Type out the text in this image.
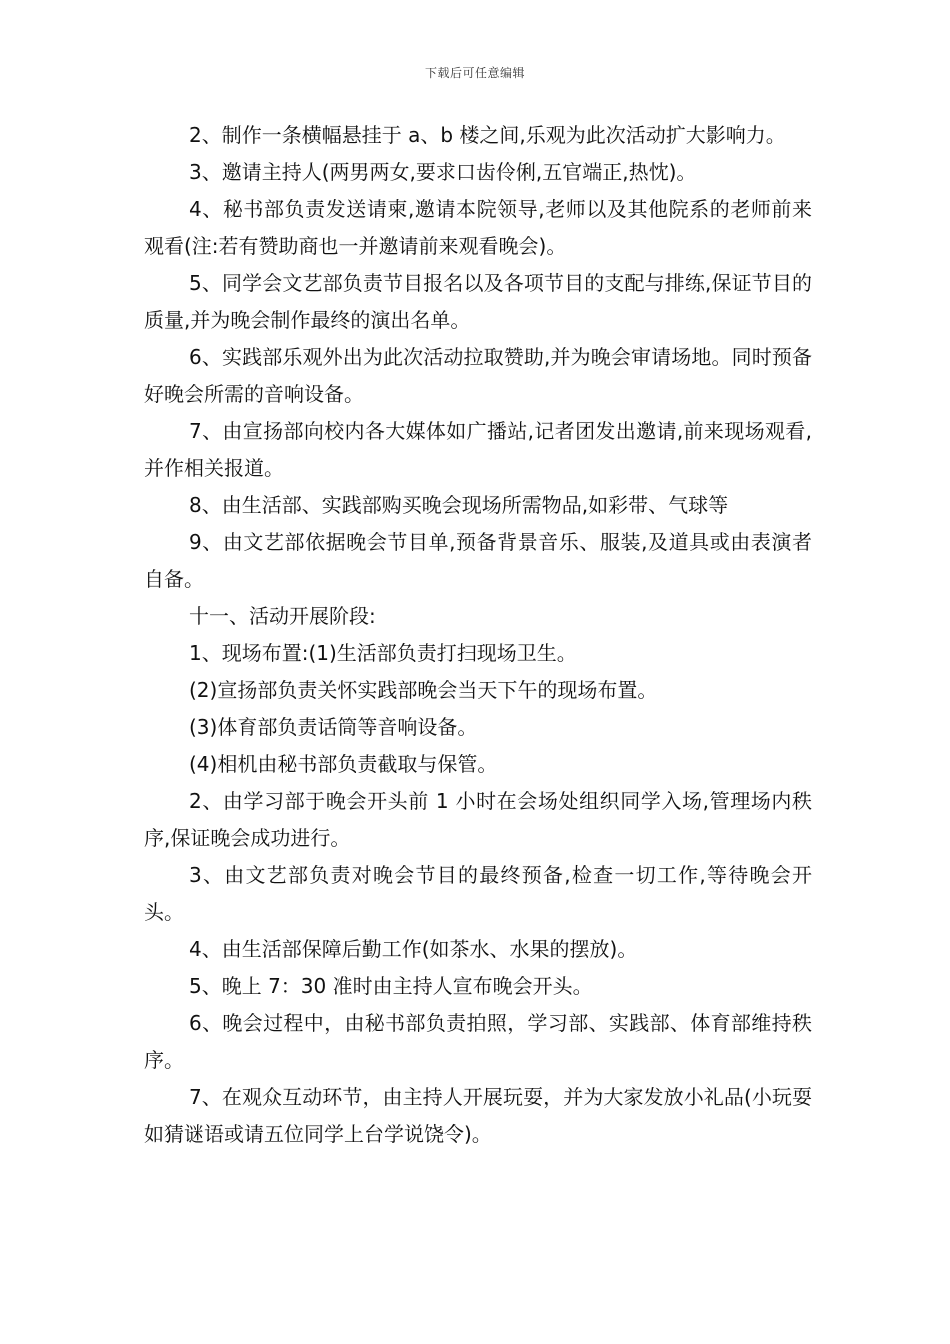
下载后可任意编辑

2、制作一条横幅悬挂于 a、b 楼之间,乐观为此次活动扩大影响力。

3、邀请主持人(两男两女,要求口齿伶俐,五官端正,热忱)。

4、秘书部负责发送请柬,邀请本院领导,老师以及其他院系的老师前来观看(注:若有赞助商也一并邀请前来观看晚会)。

5、同学会文艺部负责节目报名以及各项节目的支配与排练,保证节目的质量,并为晚会制作最终的演出名单。

6、实践部乐观外出为此次活动拉取赞助,并为晚会审请场地。同时预备好晚会所需的音响设备。

7、由宣扬部向校内各大媒体如广播站,记者团发出邀请,前来现场观看,并作相关报道。

8、由生活部、实践部购买晚会现场所需物品,如彩带、气球等

9、由文艺部依据晚会节目单,预备背景音乐、服装,及道具或由表演者自备。

十一、活动开展阶段:

1、现场布置:(1)生活部负责打扫现场卫生。

(2)宣扬部负责关怀实践部晚会当天下午的现场布置。

(3)体育部负责话筒等音响设备。

(4)相机由秘书部负责截取与保管。

2、由学习部于晚会开头前 1 小时在会场处组织同学入场,管理场内秩序,保证晚会成功进行。

3、由文艺部负责对晚会节目的最终预备,检查一切工作,等待晚会开头。

4、由生活部保障后勤工作(如茶水、水果的摆放)。

5、晚上 7：30 准时由主持人宣布晚会开头。

6、晚会过程中，由秘书部负责拍照，学习部、实践部、体育部维持秩序。

7、在观众互动环节，由主持人开展玩耍，并为大家发放小礼品(小玩耍如猜谜语或请五位同学上台学说饶令)。
